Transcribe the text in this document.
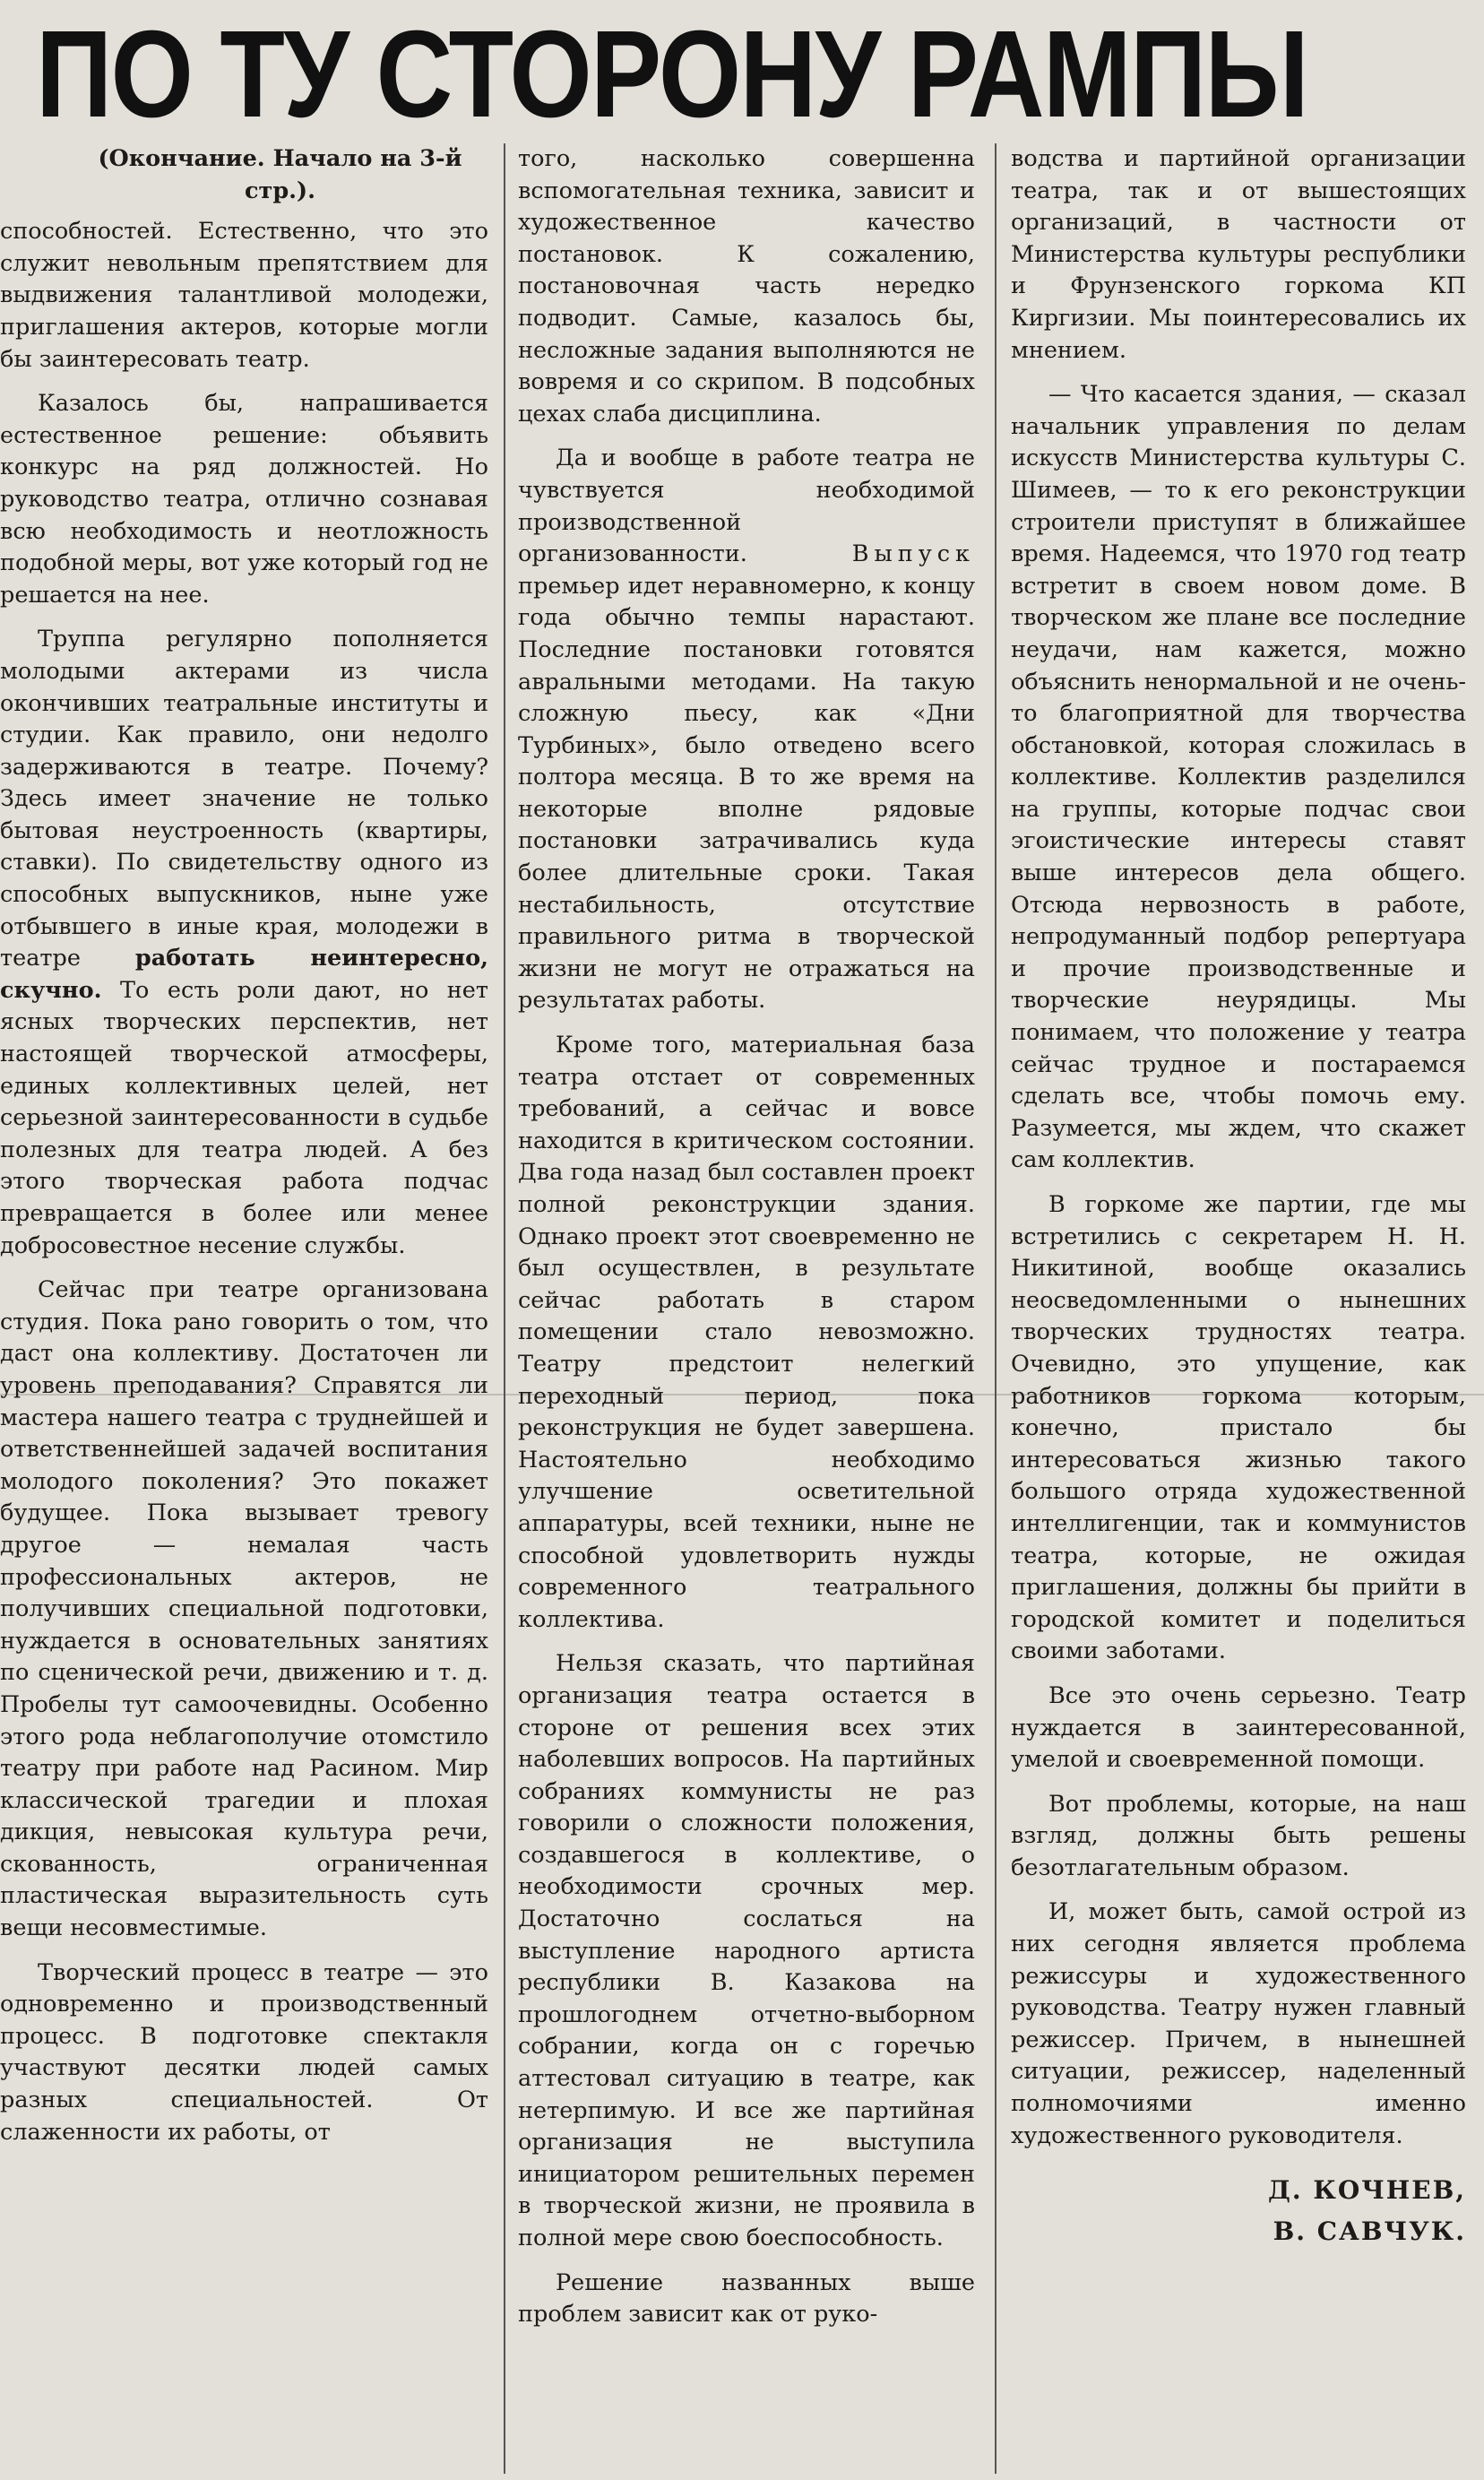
ПО ТУ СТОРОНУ РАМПЫ
(Окончание. Начало на 3-й стр.).

способностей. Естественно, что это служит невольным препятствием для выдвижения талантливой молодежи, приглашения актеров, которые могли бы заинтересовать театр.

Казалось бы, напрашивается естественное решение: объявить конкурс на ряд должностей. Но руководство театра, отлично сознавая всю необходимость и неотложность подобной меры, вот уже который год не решается на нее.

Труппа регулярно пополняется молодыми актерами из числа окончивших театральные институты и студии. Как правило, они недолго задерживаются в театре. Почему? Здесь имеет значение не только бытовая неустроенность (квартиры, ставки). По свидетельству одного из способных выпускников, ныне уже отбывшего в иные края, молодежи в театре работать неинтересно, скучно. То есть роли дают, но нет ясных творческих перспектив, нет настоящей творческой атмосферы, единых коллективных целей, нет серьезной заинтересованности в судьбе полезных для театра людей. А без этого творческая работа подчас превращается в более или менее добросовестное несение службы.

Сейчас при театре организована студия. Пока рано говорить о том, что даст она коллективу. Достаточен ли уровень преподавания? Справятся ли мастера нашего театра с труднейшей и ответственнейшей задачей воспитания молодого поколения? Это покажет будущее. Пока вызывает тревогу другое — немалая часть профессиональных актеров, не получивших специальной подготовки, нуждается в основательных занятиях по сценической речи, движению и т. д. Пробелы тут самоочевидны. Особенно этого рода неблагополучие отомстило театру при работе над Расином. Мир классической трагедии и плохая дикция, невысокая культура речи, скованность, ограниченная пластическая выразительность суть вещи несовместимые.

Творческий процесс в театре — это одновременно и производственный процесс. В подготовке спектакля участвуют десятки людей самых разных специальностей. От слаженности их работы, от

того, насколько совершенна вспомогательная техника, зависит и художественное качество постановок. К сожалению, постановочная часть нередко подводит. Самые, казалось бы, несложные задания выполняются не вовремя и со скрипом. В подсобных цехах слаба дисциплина.

Да и вообще в работе театра не чувствуется необходимой производственной организованности.	Выпуск премьер идет неравномерно, к концу года обычно темпы нарастают. Последние постановки готовятся авральными методами. На такую сложную пьесу, как «Дни Турбиных», было отведено всего полтора месяца. В то же время на некоторые вполне рядовые постановки затрачивались куда более длительные сроки. Такая нестабильность, отсутствие правильного ритма в творческой жизни не могут не отражаться на результатах работы.

Кроме того, материальная база театра отстает от современных требований, а сейчас и вовсе находится в критическом состоянии. Два года назад был составлен проект полной реконструкции здания. Однако проект этот своевременно не был осуществлен, в результате сейчас работать в старом помещении стало невозможно. Театру предстоит нелегкий переходный период, пока реконструкция не будет завершена. Настоятельно необходимо улучшение осветительной аппаратуры, всей техники, ныне не способной удовлетворить нужды современного театрального коллектива.

Нельзя сказать, что партийная организация театра остается в стороне от решения всех этих наболевших вопросов. На партийных собраниях коммунисты не раз говорили о сложности положения, создавшегося в коллективе, о необходимости срочных мер. Достаточно сослаться на выступление народного артиста республики В. Казакова на прошлогоднем отчетно-выборном собрании, когда он с горечью аттестовал ситуацию в театре, как нетерпимую. И все же партийная организация не выступила инициатором решительных перемен в творческой жизни, не проявила в полной мере свою боеспособность.

Решение названных выше проблем зависит как от руко-

водства и партийной организации театра, так и от вышестоящих организаций, в частности от Министерства культуры республики и Фрунзенского горкома КП Киргизии. Мы поинтересовались их мнением.

— Что касается здания, — сказал начальник управления по делам искусств Министерства культуры С. Шимеев, — то к его реконструкции строители приступят в ближайшее время. Надеемся, что 1970 год театр встретит в своем новом доме. В творческом же плане все последние неудачи, нам кажется, можно объяснить ненормальной и не очень-то благоприятной для творчества обстановкой, которая сложилась в коллективе. Коллектив разделился на группы, которые подчас свои эгоистические интересы ставят выше интересов дела общего. Отсюда нервозность в работе, непродуманный подбор репертуара и прочие производственные и творческие неурядицы. Мы понимаем, что положение у театра сейчас трудное и постараемся сделать все, чтобы помочь ему. Разумеется, мы ждем, что скажет сам коллектив.

В горкоме же партии, где мы встретились с секретарем Н. Н. Никитиной, вообще оказались неосведомленными о нынешних творческих трудностях театра. Очевидно, это упущение, как работников горкома которым, конечно, пристало бы интересоваться жизнью такого большого отряда художественной интеллигенции, так и коммунистов театра, которые, не ожидая приглашения, должны бы прийти в городской комитет и поделиться своими заботами.

Все это очень серьезно. Театр нуждается в заинтересованной, умелой и своевременной помощи.

Вот проблемы, которые, на наш взгляд, должны быть решены безотлагательным образом.

И, может быть, самой острой из них сегодня является проблема режиссуры и художественного руководства. Театру нужен главный режиссер. Причем, в нынешней ситуации, режиссер, наделенный полномочиями именно художественного руководителя.

Д. КОЧНЕВ,
В. САВЧУК.
